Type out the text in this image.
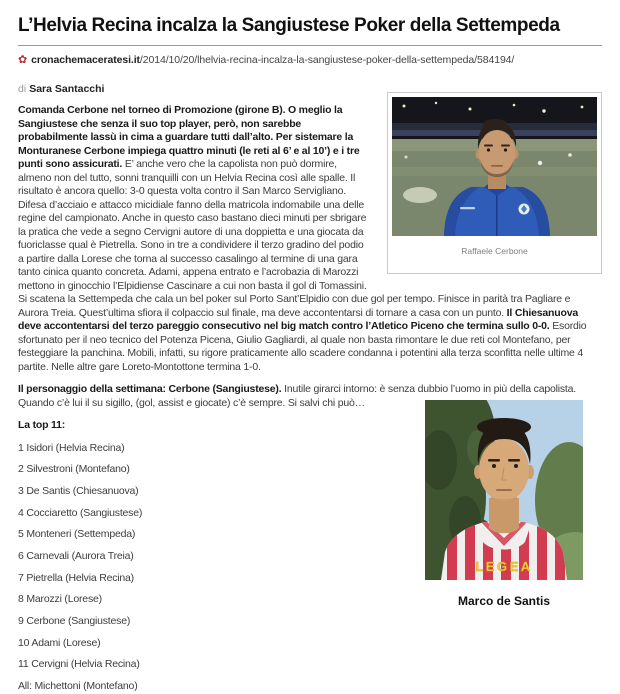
L’Helvia Recina incalza la Sangiustese Poker della Settempeda
✿ cronachemaceratesi.it/2014/10/20/lhelvia-recina-incalza-la-sangiustese-poker-della-settempeda/584194/
di Sara Santacchi
Raffaele Cerbone

Comanda Cerbone nel torneo di Promozione (girone B). O meglio la Sangiustese che senza il suo top player, però, non sarebbe probabilmente lassù in cima a guardare tutti dall’alto. Per sistemare la Monturanese Cerbone impiega quattro minuti (le reti al 6’ e al 10’) e i tre punti sono assicurati. E’ anche vero che la capolista non può dormire, almeno non del tutto, sonni tranquilli con un Helvia Recina così alle spalle. Il risultato è ancora quello: 3-0 questa volta contro il San Marco Servigliano. Difesa d’acciaio e attacco micidiale fanno della matricola indomabile una delle regine del campionato. Anche in questo caso bastano dieci minuti per sbrigare la pratica che vede a segno Cervigni autore di una doppietta e una giocata da fuoriclasse qual è Pietrella. Sono in tre a condividere il terzo gradino del podio a partire dalla Lorese che torna al successo casalingo al termine di una gara tanto cinica quanto concreta. Adami, appena entrato e l’acrobazia di Marozzi mettono in ginocchio l’Elpidiense Cascinare a cui non basta il gol di Tomassini. Si scatena la Settempeda che cala un bel poker sul Porto Sant’Elpidio con due gol per tempo. Finisce in parità tra Pagliare e Aurora Treia. Quest’ultima sfiora il colpaccio sul finale, ma deve accontentarsi di tornare a casa con un punto. Il Chiesanuova deve accontentarsi del terzo pareggio consecutivo nel big match contro l’Atletico Piceno che termina sullo 0-0. Esordio sfortunato per il neo tecnico del Potenza Picena, Giulio Gagliardi, al quale non basta rimontare le due reti col Montefano, per festeggiare la panchina. Mobili, infatti, su rigore praticamente allo scadere condanna i potentini alla terza sconfitta nelle ultime 4 partite. Nelle altre gare Loreto-Montottone termina 1-0.

Il personaggio della settimana: Cerbone (Sangiustese). Inutile girarci intorno: è senza dubbio l’uomo in più della capolista. Quando c’è lui il su sigillo, (gol, assist e giocate) c’è sempre. Si salvi chi può…

La top 11:

1 Isidori (Helvia Recina)
2 Silvestroni (Montefano)
3 De Santis (Chiesanuova)
4 Cocciaretto (Sangiustese)
5 Monteneri (Settempeda)
6 Carnevali (Aurora Treia)
7 Pietrella (Helvia Recina)
8 Marozzi (Lorese)
9 Cerbone (Sangiustese)
10 Adami (Lorese)
11 Cervigni (Helvia Recina)
All: Michettoni (Montefano)
LEGEA
Marco de Santis
